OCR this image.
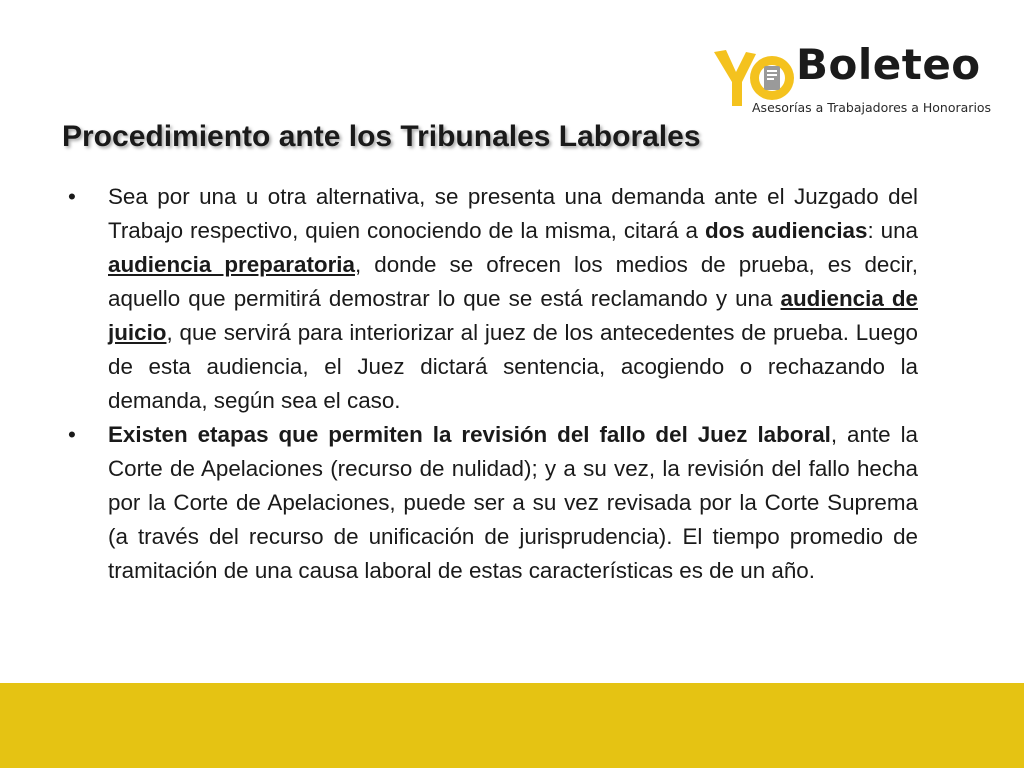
Boleteo
Asesorías a Trabajadores a Honorarios
Procedimiento ante los Tribunales Laborales
• Sea por una u otra alternativa, se presenta una demanda ante el Juzgado del Trabajo respectivo, quien conociendo de la misma, citará a dos audiencias: una audiencia preparatoria, donde se ofrecen los medios de prueba, es decir, aquello que permitirá demostrar lo que se está reclamando y una audiencia de juicio, que servirá para interiorizar al juez de los antecedentes de prueba. Luego de esta audiencia, el Juez dictará sentencia, acogiendo o rechazando la demanda, según sea el caso.
• Existen etapas que permiten la revisión del fallo del Juez laboral, ante la Corte de Apelaciones (recurso de nulidad); y a su vez, la revisión del fallo hecha por la Corte de Apelaciones, puede ser a su vez revisada por la Corte Suprema (a través del recurso de unificación de jurisprudencia). El tiempo promedio de tramitación de una causa laboral de estas características es de un año.
